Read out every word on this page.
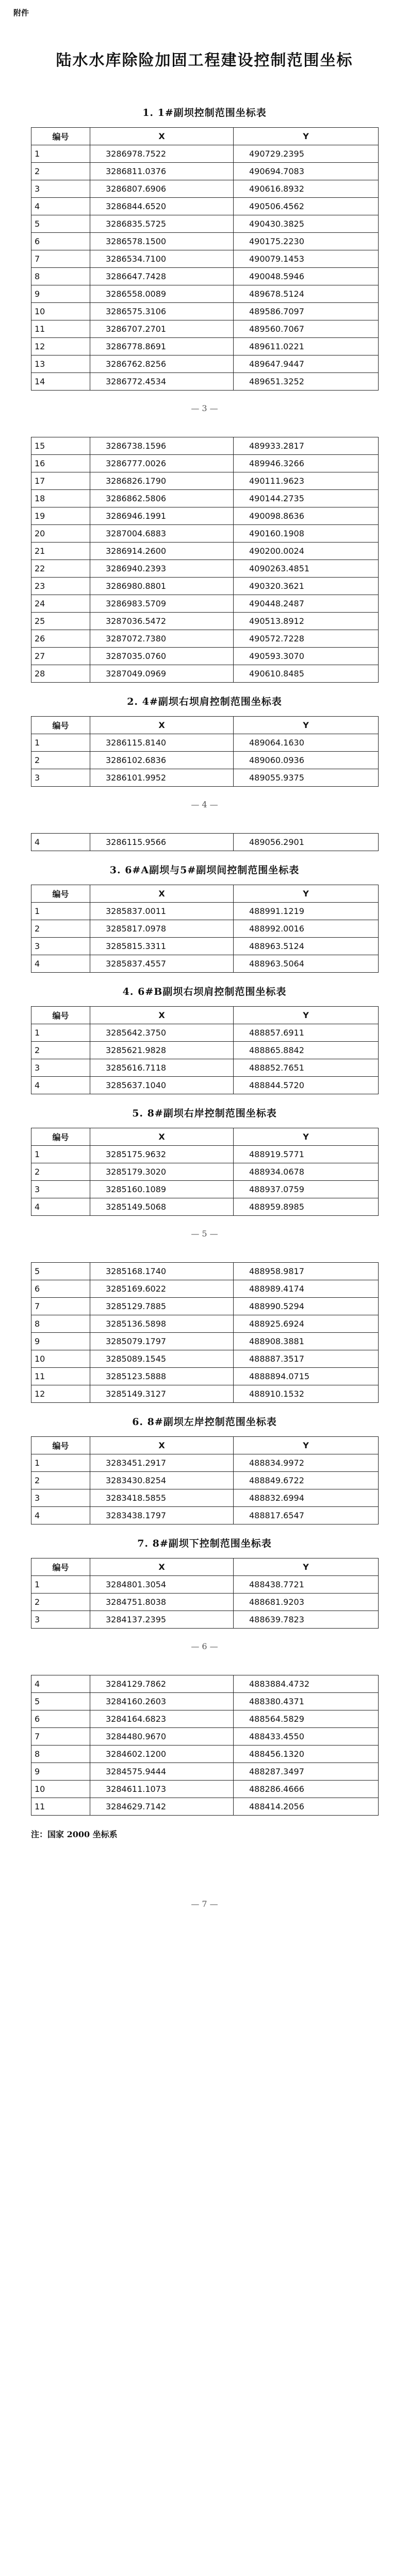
附件
陆水水库除险加固工程建设控制范围坐标
1. 1#副坝控制范围坐标表
编号	X	Y
1	3286978.7522	490729.2395
2	3286811.0376	490694.7083
3	3286807.6906	490616.8932
4	3286844.6520	490506.4562
5	3286835.5725	490430.3825
6	3286578.1500	490175.2230
7	3286534.7100	490079.1453
8	3286647.7428	490048.5946
9	3286558.0089	489678.5124
10	3286575.3106	489586.7097
11	3286707.2701	489560.7067
12	3286778.8691	489611.0221
13	3286762.8256	489647.9447
14	3286772.4534	489651.3252
— 3 —
15	3286738.1596	489933.2817
16	3286777.0026	489946.3266
17	3286826.1790	490111.9623
18	3286862.5806	490144.2735
19	3286946.1991	490098.8636
20	3287004.6883	490160.1908
21	3286914.2600	490200.0024
22	3286940.2393	4090263.4851
23	3286980.8801	490320.3621
24	3286983.5709	490448.2487
25	3287036.5472	490513.8912
26	3287072.7380	490572.7228
27	3287035.0760	490593.3070
28	3287049.0969	490610.8485
2. 4#副坝右坝肩控制范围坐标表
编号	X	Y
1	3286115.8140	489064.1630
2	3286102.6836	489060.0936
3	3286101.9952	489055.9375
— 4 —
4	3286115.9566	489056.2901
3. 6#A副坝与5#副坝间控制范围坐标表
编号	X	Y
1	3285837.0011	488991.1219
2	3285817.0978	488992.0016
3	3285815.3311	488963.5124
4	3285837.4557	488963.5064
4. 6#B副坝右坝肩控制范围坐标表
编号	X	Y
1	3285642.3750	488857.6911
2	3285621.9828	488865.8842
3	3285616.7118	488852.7651
4	3285637.1040	488844.5720
5. 8#副坝右岸控制范围坐标表
编号	X	Y
1	3285175.9632	488919.5771
2	3285179.3020	488934.0678
3	3285160.1089	488937.0759
4	3285149.5068	488959.8985
— 5 —
5	3285168.1740	488958.9817
6	3285169.6022	488989.4174
7	3285129.7885	488990.5294
8	3285136.5898	488925.6924
9	3285079.1797	488908.3881
10	3285089.1545	488887.3517
11	3285123.5888	4888894.0715
12	3285149.3127	488910.1532
6. 8#副坝左岸控制范围坐标表
编号	X	Y
1	3283451.2917	488834.9972
2	3283430.8254	488849.6722
3	3283418.5855	488832.6994
4	3283438.1797	488817.6547
7. 8#副坝下控制范围坐标表
编号	X	Y
1	3284801.3054	488438.7721
2	3284751.8038	488681.9203
3	3284137.2395	488639.7823
— 6 —
4	3284129.7862	4883884.4732
5	3284160.2603	488380.4371
6	3284164.6823	488564.5829
7	3284480.9670	488433.4550
8	3284602.1200	488456.1320
9	3284575.9444	488287.3497
10	3284611.1073	488286.4666
11	3284629.7142	488414.2056
注：国家 2000 坐标系
— 7 —
